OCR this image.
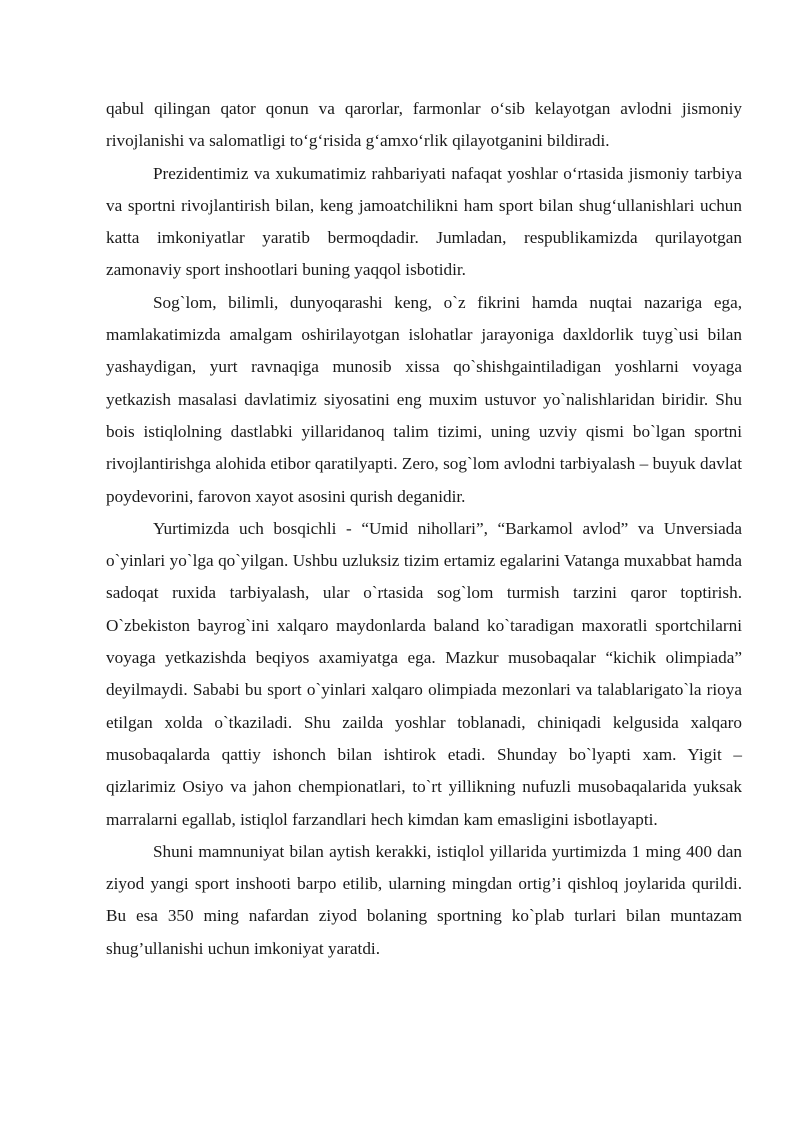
qabul qilingan qator qonun va qarorlar, farmonlar o‘sib kelayotgan avlodni jismoniy rivojlanishi va salomatligi to‘g‘risida g‘amxo‘rlik qilayotganini bildiradi.

Prezidentimiz va xukumatimiz rahbariyati nafaqat yoshlar o‘rtasida jismoniy tarbiya va sportni rivojlantirish bilan, keng jamoatchilikni ham sport bilan shug‘ullanishlari uchun katta imkoniyatlar yaratib bermoqdadir. Jumladan, respublikamizda qurilayotgan zamonaviy sport inshootlari buning yaqqol isbotidir.

Sog`lom, bilimli, dunyoqarashi keng, o`z fikrini hamda nuqtai nazariga ega, mamlakatimizda amalgam oshirilayotgan islohatlar jarayoniga daxldorlik tuyg`usi bilan yashaydigan, yurt ravnaqiga munosib xissa qo`shishgaintiladigan yoshlarni voyaga yetkazish masalasi davlatimiz siyosatini eng muxim ustuvor yo`nalishlaridan biridir. Shu bois istiqlolning dastlabki yillaridanoq talim tizimi, uning uzviy qismi bo`lgan sportni rivojlantirishga alohida etibor qaratilyapti. Zero, sog`lom avlodni tarbiyalash – buyuk davlat poydevorini, farovon xayot asosini qurish deganidir.

Yurtimizda uch bosqichli - “Umid nihollari”, “Barkamol avlod” va Unversiada o`yinlari yo`lga qo`yilgan. Ushbu uzluksiz tizim ertamiz egalarini Vatanga muxabbat hamda sadoqat ruxida tarbiyalash, ular o`rtasida sog`lom turmish tarzini qaror toptirish. O`zbekiston bayrog`ini xalqaro maydonlarda baland ko`taradigan maxoratli sportchilarni voyaga yetkazishda beqiyos axamiyatga ega. Mazkur musobaqalar “kichik olimpiada” deyilmaydi. Sababi bu sport o`yinlari xalqaro olimpiada mezonlari va talablarigato`la rioya etilgan xolda o`tkaziladi. Shu zailda yoshlar toblanadi, chiniqadi kelgusida xalqaro musobaqalarda qattiy ishonch bilan ishtirok etadi. Shunday bo`lyapti xam. Yigit – qizlarimiz Osiyo va jahon chempionatlari, to`rt yillikning nufuzli musobaqalarida yuksak marralarni egallab, istiqlol farzandlari hech kimdan kam emasligini isbotlayapti.

Shuni mamnuniyat bilan aytish kerakki, istiqlol yillarida yurtimizda 1 ming 400 dan ziyod yangi sport inshooti barpo etilib, ularning mingdan ortig’i qishloq joylarida qurildi. Bu esa 350 ming nafardan ziyod bolaning sportning ko`plab turlari bilan muntazam shug’ullanishi uchun imkoniyat yaratdi.
